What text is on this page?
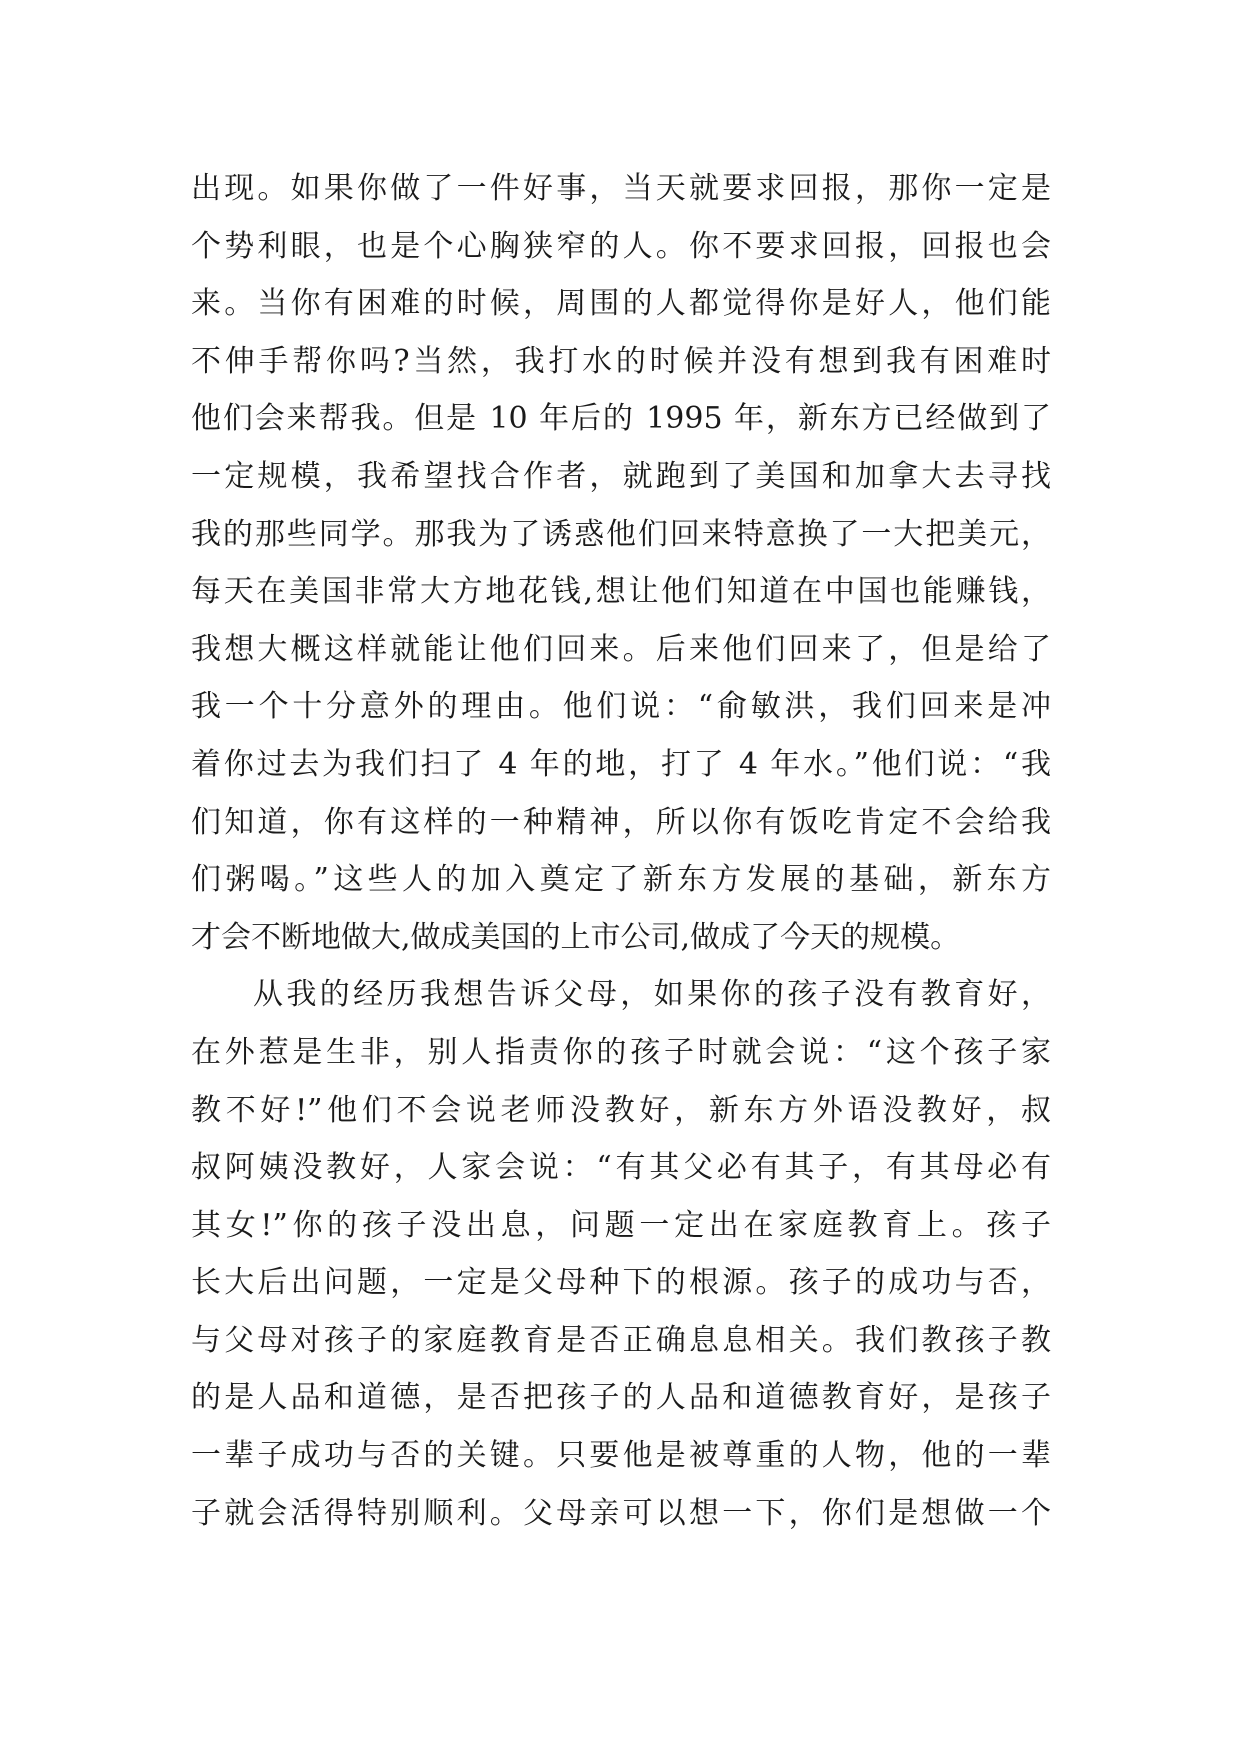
出现。如果你做了一件好事，当天就要求回报，那你一定是
个势利眼，也是个心胸狭窄的人。你不要求回报，回报也会
来。当你有困难的时候，周围的人都觉得你是好人，他们能
不伸手帮你吗?当然，我打水的时候并没有想到我有困难时
他们会来帮我。但是 10 年后的 1995 年，新东方已经做到了
一定规模，我希望找合作者，就跑到了美国和加拿大去寻找
我的那些同学。那我为了诱惑他们回来特意换了一大把美元，
每天在美国非常大方地花钱,想让他们知道在中国也能赚钱，
我想大概这样就能让他们回来。后来他们回来了，但是给了
我一个十分意外的理由。他们说：“俞敏洪，我们回来是冲
着你过去为我们扫了 4 年的地，打了 4 年水。”他们说：“我
们知道，你有这样的一种精神，所以你有饭吃肯定不会给我
们粥喝。”这些人的加入奠定了新东方发展的基础，新东方
才会不断地做大,做成美国的上市公司,做成了今天的规模。
从我的经历我想告诉父母，如果你的孩子没有教育好，
在外惹是生非，别人指责你的孩子时就会说：“这个孩子家
教不好!”他们不会说老师没教好，新东方外语没教好，叔
叔阿姨没教好，人家会说：“有其父必有其子，有其母必有
其女!”你的孩子没出息，问题一定出在家庭教育上。孩子
长大后出问题，一定是父母种下的根源。孩子的成功与否，
与父母对孩子的家庭教育是否正确息息相关。我们教孩子教
的是人品和道德，是否把孩子的人品和道德教育好，是孩子
一辈子成功与否的关键。只要他是被尊重的人物，他的一辈
子就会活得特别顺利。父母亲可以想一下，你们是想做一个
